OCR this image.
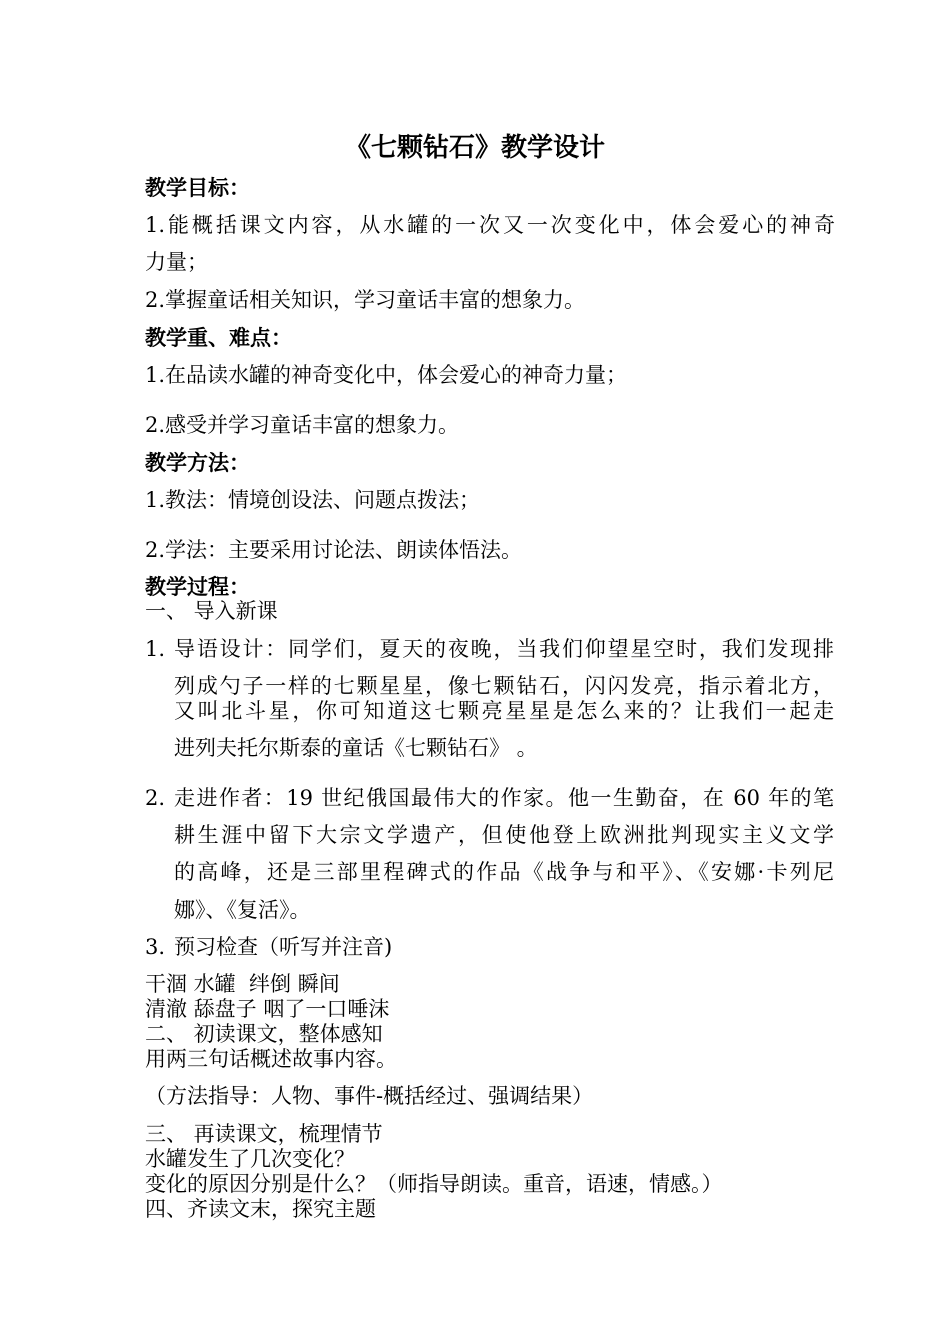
《七颗钻石》教学设计
教学目标：
1.能概括课文内容，从水罐的一次又一次变化中，体会爱心的神奇
力量；
2.掌握童话相关知识，学习童话丰富的想象力。
教学重、难点：
1.在品读水罐的神奇变化中，体会爱心的神奇力量；
2.感受并学习童话丰富的想象力。
教学方法：
1.教法：情境创设法、问题点拨法；
2.学法：主要采用讨论法、朗读体悟法。
教学过程：
一、 导入新课
1. 导语设计：同学们，夏天的夜晚，当我们仰望星空时，我们发现排
列成勺子一样的七颗星星，像七颗钻石，闪闪发亮，指示着北方，
又叫北斗星，你可知道这七颗亮星星是怎么来的？让我们一起走
进列夫托尔斯泰的童话《七颗钻石》 。
2. 走进作者：19 世纪俄国最伟大的作家。他一生勤奋，在 60 年的笔
耕生涯中留下大宗文学遗产，但使他登上欧洲批判现实主义文学
的高峰，还是三部里程碑式的作品《战争与和平》、《安娜·卡列尼
娜》、《复活》。
3. 预习检查（听写并注音)
干涸 水罐  绊倒 瞬间
清澈 舔盘子 咽了一口唾沫
二、 初读课文，整体感知
用两三句话概述故事内容。
（方法指导：人物、事件-概括经过、强调结果）
三、 再读课文，梳理情节
水罐发生了几次变化？
变化的原因分别是什么？（师指导朗读。重音，语速，情感。）
四、齐读文末，探究主题
